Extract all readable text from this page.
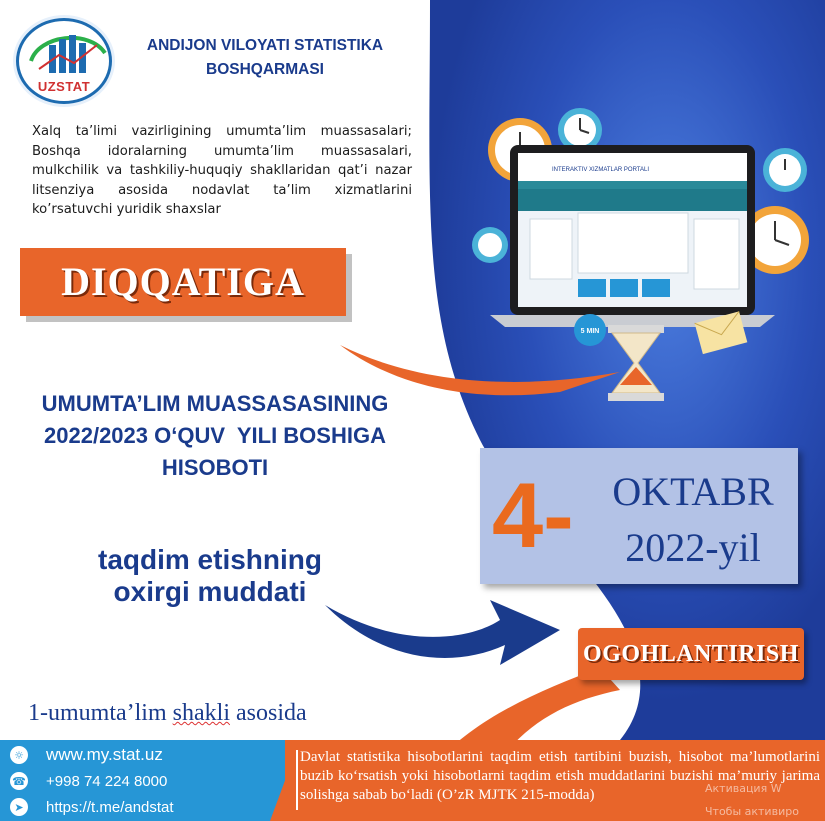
INTERAKTIV XIZMATLAR PORTALI
5 MIN
UZSTAT
ANDIJON VILOYATI STATISTIKA
BOSHQARMASI
Xalq ta’limi vazirligining umumta’lim muassasalari; Boshqa idoralarning umumta’lim muassasalari, mulkchilik va tashkiliy-huquqiy shakllaridan qat’i nazar litsenziya asosida nodavlat ta’lim xizmatlarini ko’rsatuvchi yuridik shaxslar
DIQQATIGA
UMUMTA’LIM MUASSASASINING
2022/2023 O‘QUV  YILI BOSHIGA
HISOBOTI	4- OKTABR
2022-yil
taqdim etishning
oxirgi muddati
OGOHLANTIRISH
1-umumta’lim shakli asosida
☼ www.my.stat.uz
☎ +998 74 224 8000
➤ https://t.me/andstat
Davlat statistika hisobotlarini taqdim etish tartibini buzish, hisobot ma’lumotlarini buzib ko‘rsatish yoki hisobotlarni taqdim etish muddatlarini buzishi ma’muriy jarima solishga sabab bo‘ladi (O’zR MJTK 215-modda)	Активация W
Чтобы активиро
